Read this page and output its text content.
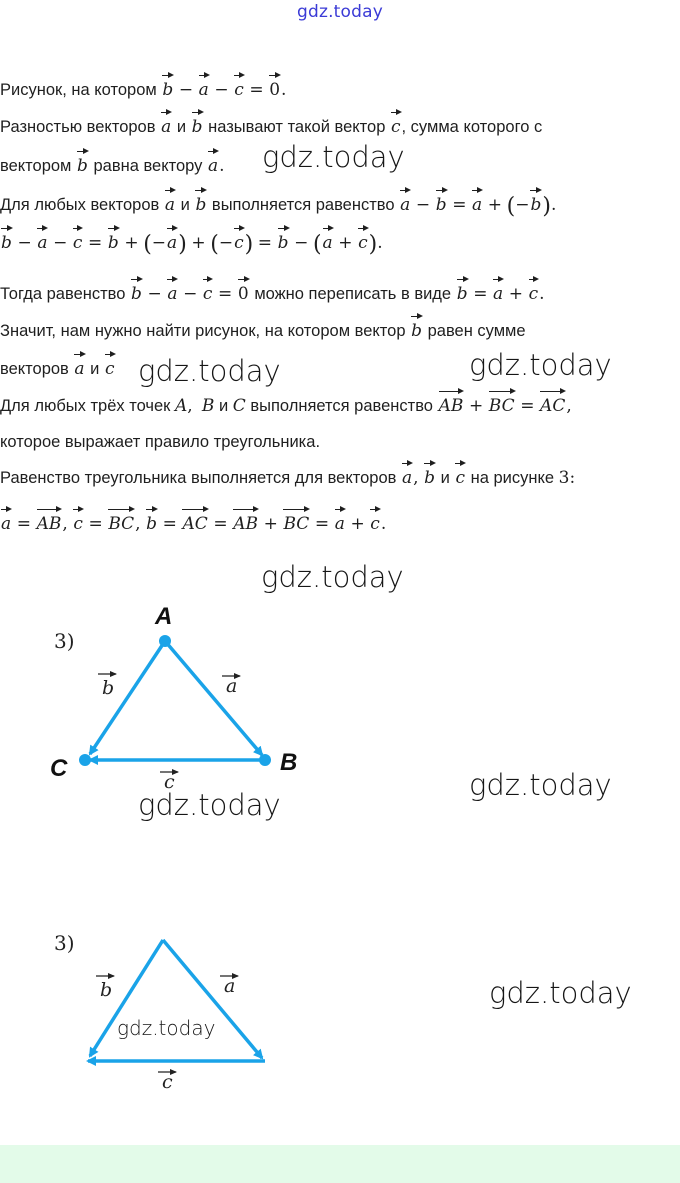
gdz.today
Рисунок, на котором b − a − c = 0.
Разностью векторов a и b называют такой вектор c, сумма которого с
вектором b равна вектору a. gdz.today
Для любых векторов a и b выполняется равенство a − b = a + (−b).
b − a − c = b + (−a) + (−c) = b − (a + c).
Тогда равенство b − a − c = 0 можно переписать в виде b = a + c.
Значит, нам нужно найти рисунок, на котором вектор b равен сумме
векторов a и c gdz.today	gdz.today
Для любых трёх точек A, B и C выполняется равенство AB + BC = AC,
которое выражает правило треугольника.
Равенство треугольника выполняется для векторов a, b и c на рисунке 3:
a = AB, c = BC, b = AC = AB + BC = a + c.
gdz.today
3)
A
B
C
b	a
c
gdz.today
gdz.today
3)
b	a
c
gdz.today
gdz.today
